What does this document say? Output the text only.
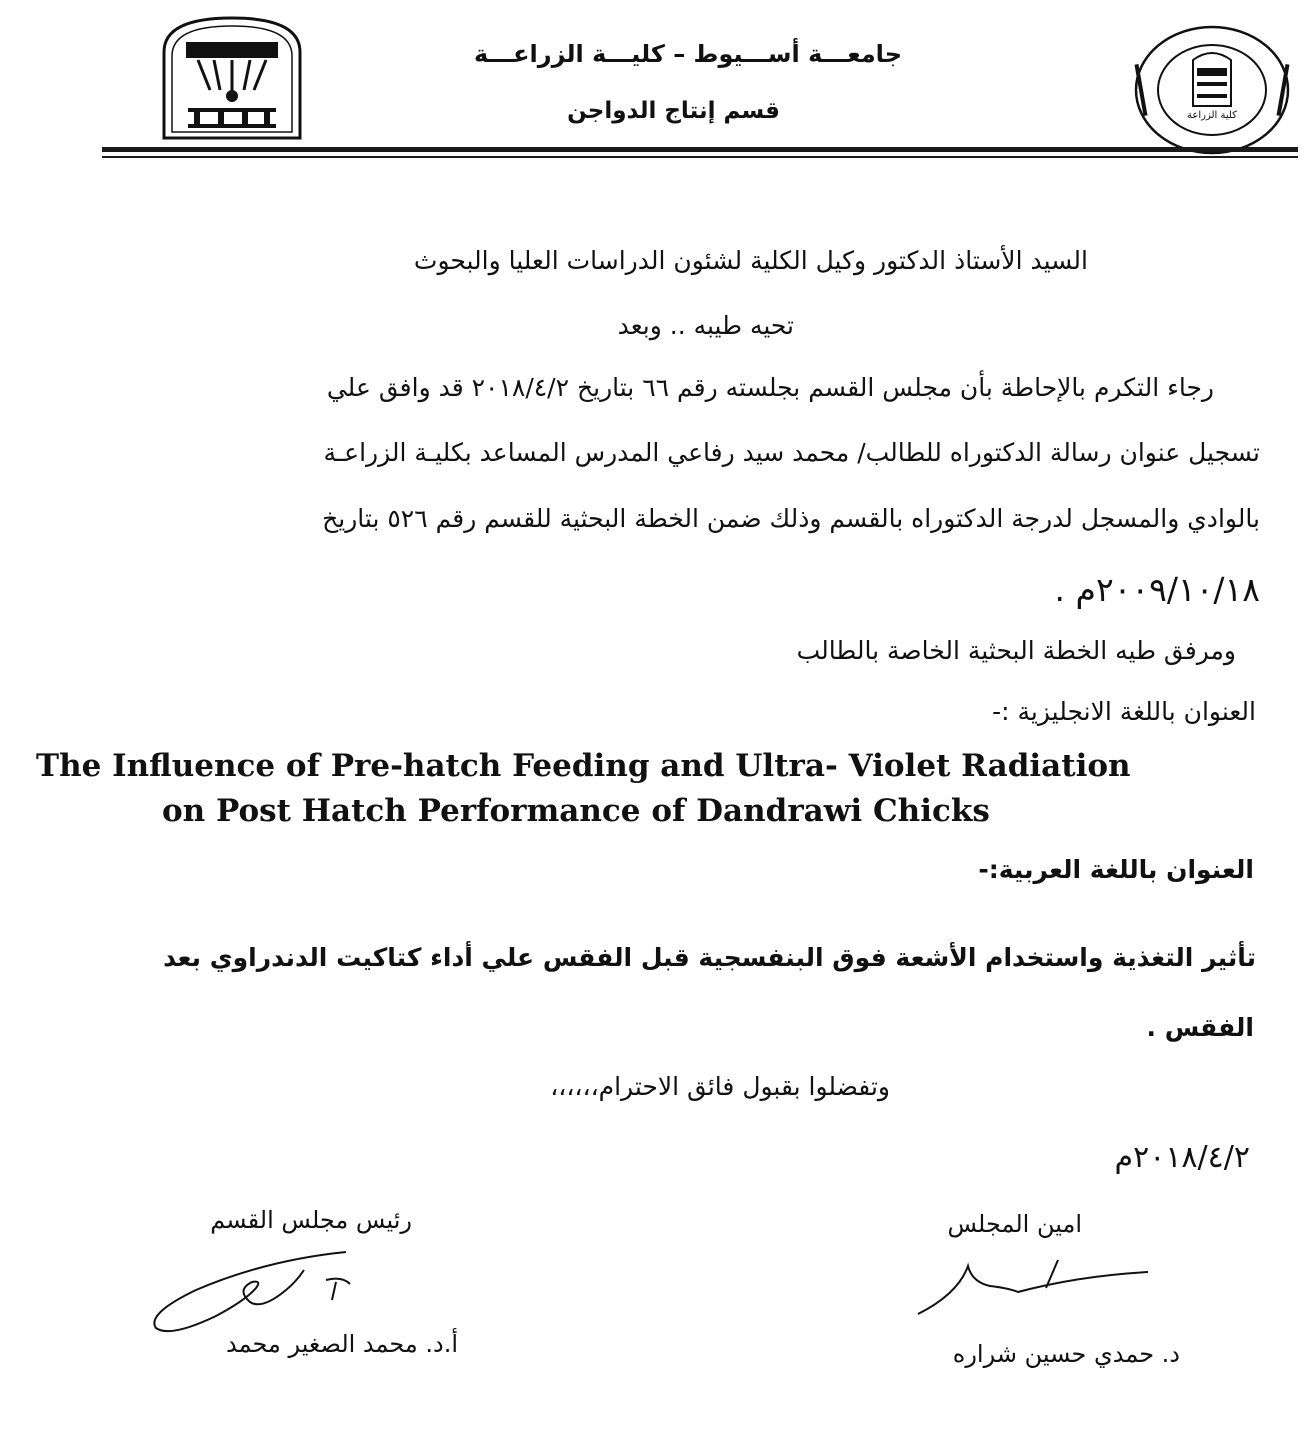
جامعـــة أســـيوط – كليـــة الزراعـــة
قسم إنتاج الدواجن	كلية الزراعة
السيد الأستاذ الدكتور وكيل الكلية لشئون الدراسات العليا والبحوث
تحيه طيبه .. وبعد
رجاء التكرم بالإحاطة بأن مجلس القسم بجلسته رقم ٦٦ بتاريخ ٢٠١٨/٤/٢ قد وافق علي
تسجيل عنوان رسالة الدكتوراه للطالب/ محمد سيد رفاعي المدرس المساعد بكليـة الزراعـة
بالوادي والمسجل لدرجة الدكتوراه بالقسم وذلك ضمن الخطة البحثية للقسم رقم ٥٢٦ بتاريخ
٢٠٠٩/١٠/١٨م .
ومرفق طيه الخطة البحثية الخاصة بالطالب
العنوان باللغة الانجليزية :-
The Influence of Pre-hatch Feeding and Ultra- Violet Radiation
on Post Hatch Performance of Dandrawi Chicks
العنوان باللغة العربية:-
تأثير التغذية واستخدام الأشعة فوق البنفسجية قبل الفقس علي أداء كتاكيت الدندراوي بعد
الفقس .
وتفضلوا بقبول فائق الاحترام،،،،،،
٢٠١٨/٤/٢م
رئيس مجلس القسم
أ.د. محمد الصغير محمد
امين المجلس
د. حمدي حسين شراره
